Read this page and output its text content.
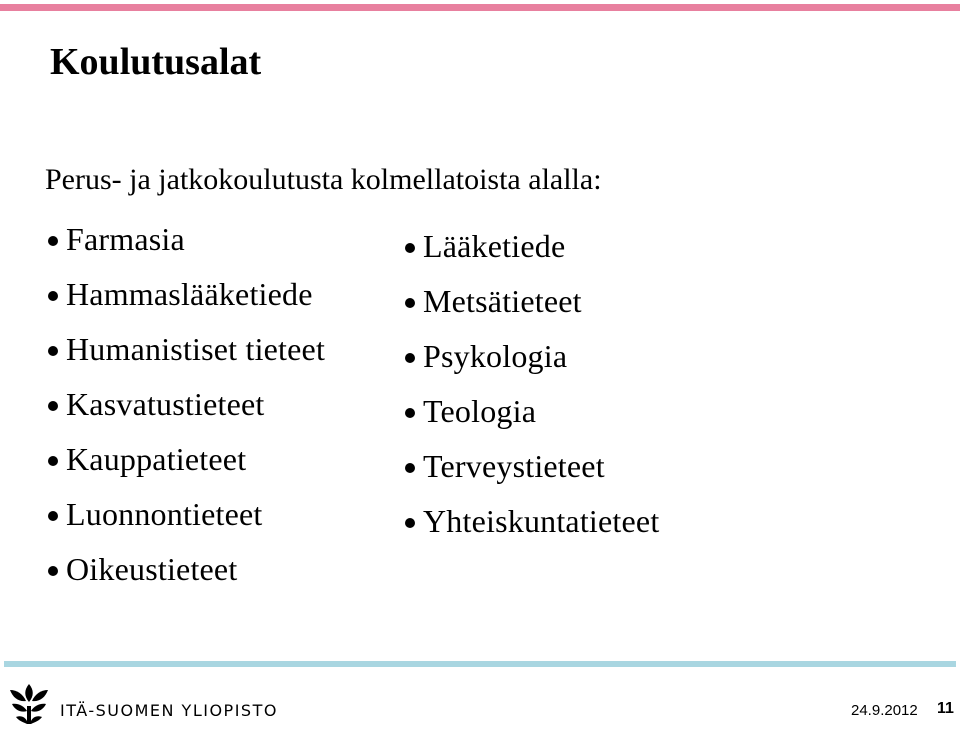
Koulutusalat
Perus- ja jatkokoulutusta kolmellatoista alalla:
Farmasia
Hammaslääketiede
Humanistiset tieteet
Kasvatustieteet
Kauppatieteet
Luonnontieteet
Oikeustieteet
Lääketiede
Metsätieteet
Psykologia
Teologia
Terveystieteet
Yhteiskuntatieteet
ITÄ-SUOMEN YLIOPISTO	24.9.2012 11
